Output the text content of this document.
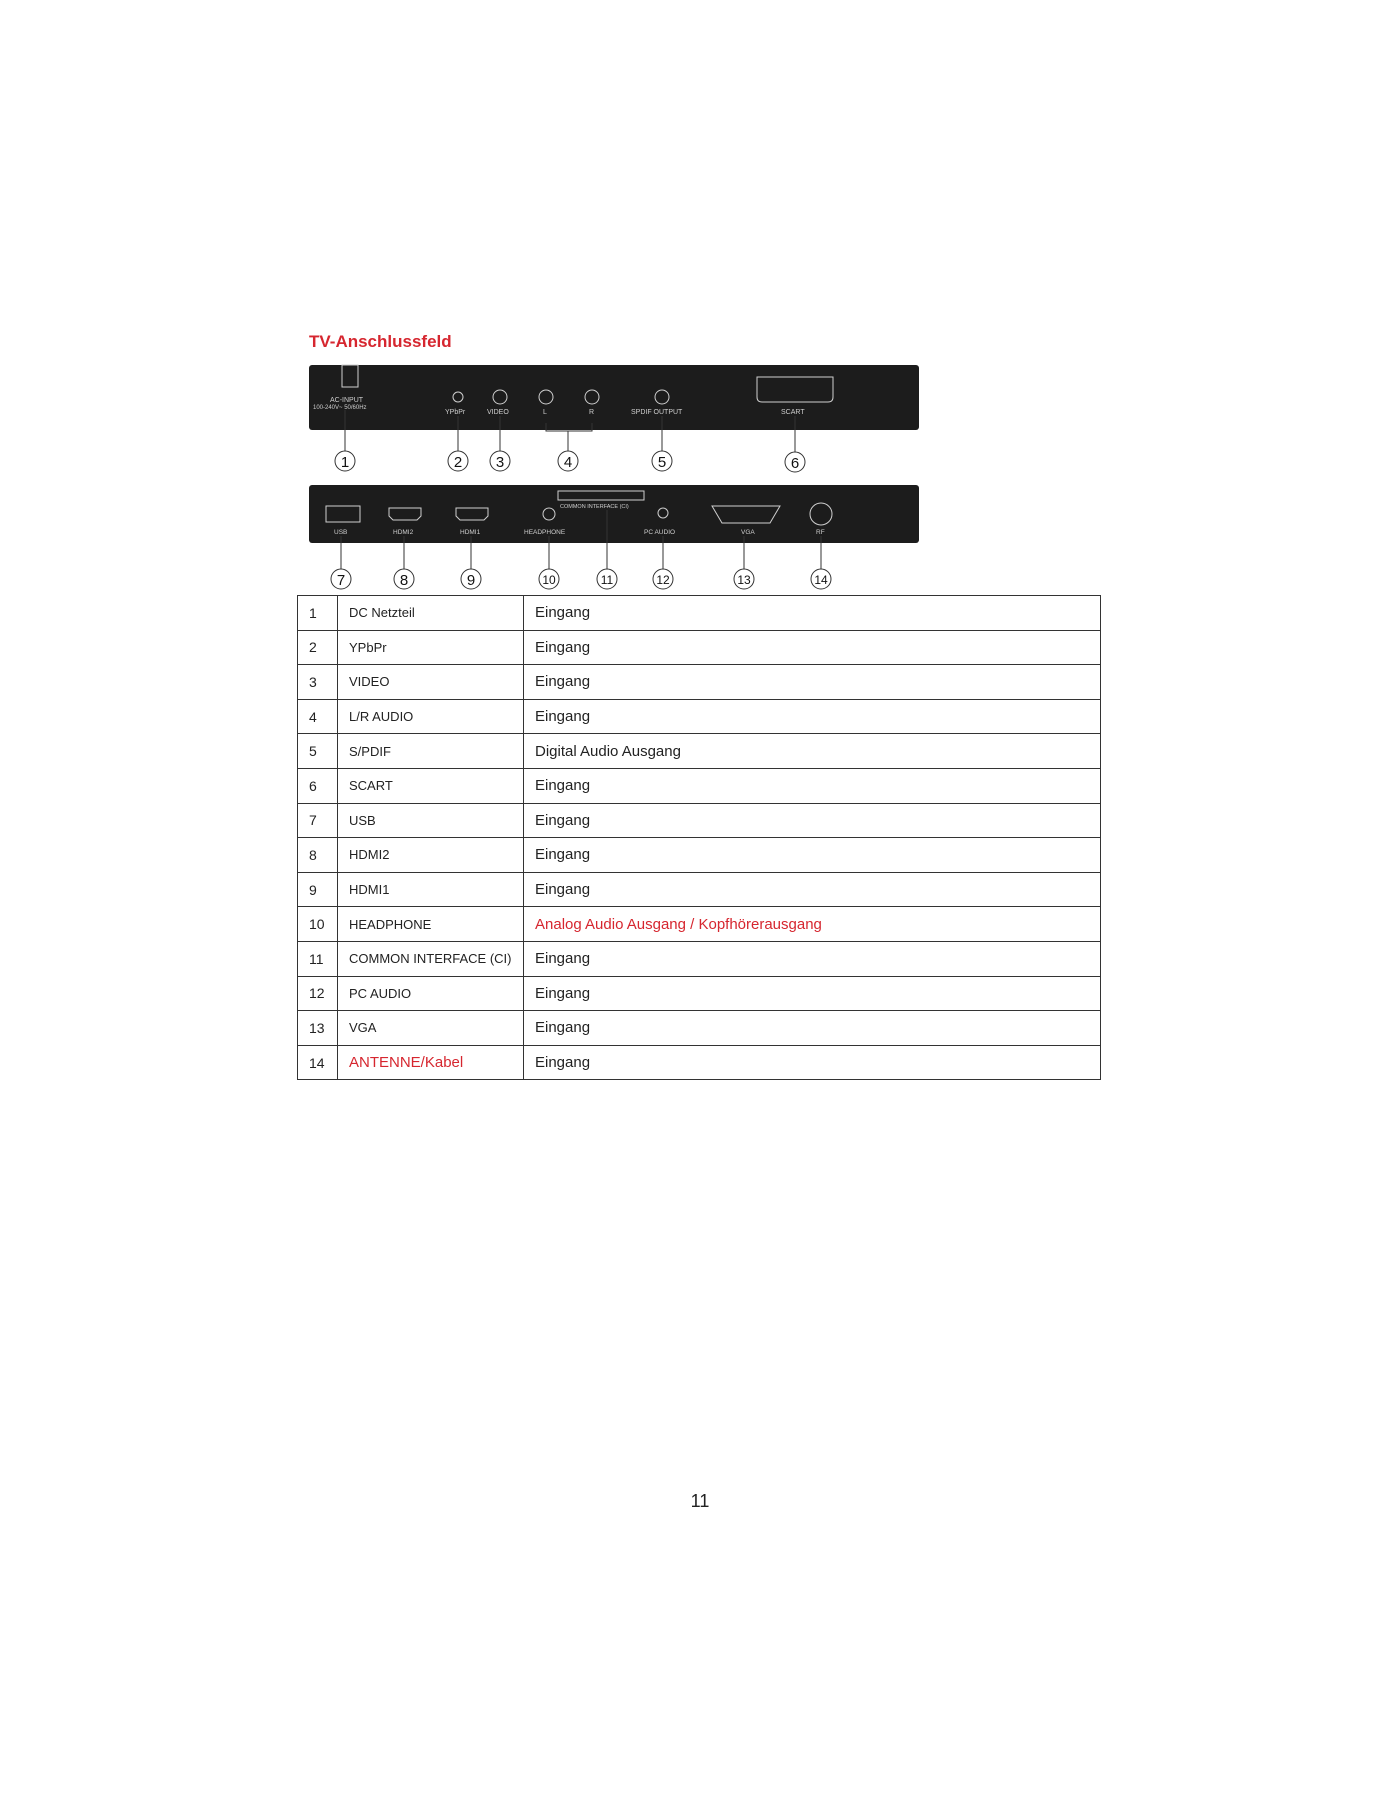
TV-Anschlussfeld
AC-INPUT
100-240V~ 50/60Hz
YPbPr	VIDEO	L	R	SPDIF OUTPUT	SCART
1	2 3	4	5	6
USB	HDMI2	HDMI1	HEADPHONE
COMMON INTERFACE (CI)
PC AUDIO	VGA	RF
7	8	9	10	11	12	13	14
1	DC Netzteil	Eingang
2	YPbPr	Eingang
3	VIDEO	Eingang
4	L/R AUDIO	Eingang
5	S/PDIF	Digital Audio Ausgang
6	SCART	Eingang
7	USB	Eingang
8	HDMI2	Eingang
9	HDMI1	Eingang
10	HEADPHONE	Analog Audio Ausgang / Kopfhörerausgang
11	COMMON INTERFACE (CI)	Eingang
12	PC AUDIO	Eingang
13	VGA	Eingang
14	ANTENNE/Kabel	Eingang
11
